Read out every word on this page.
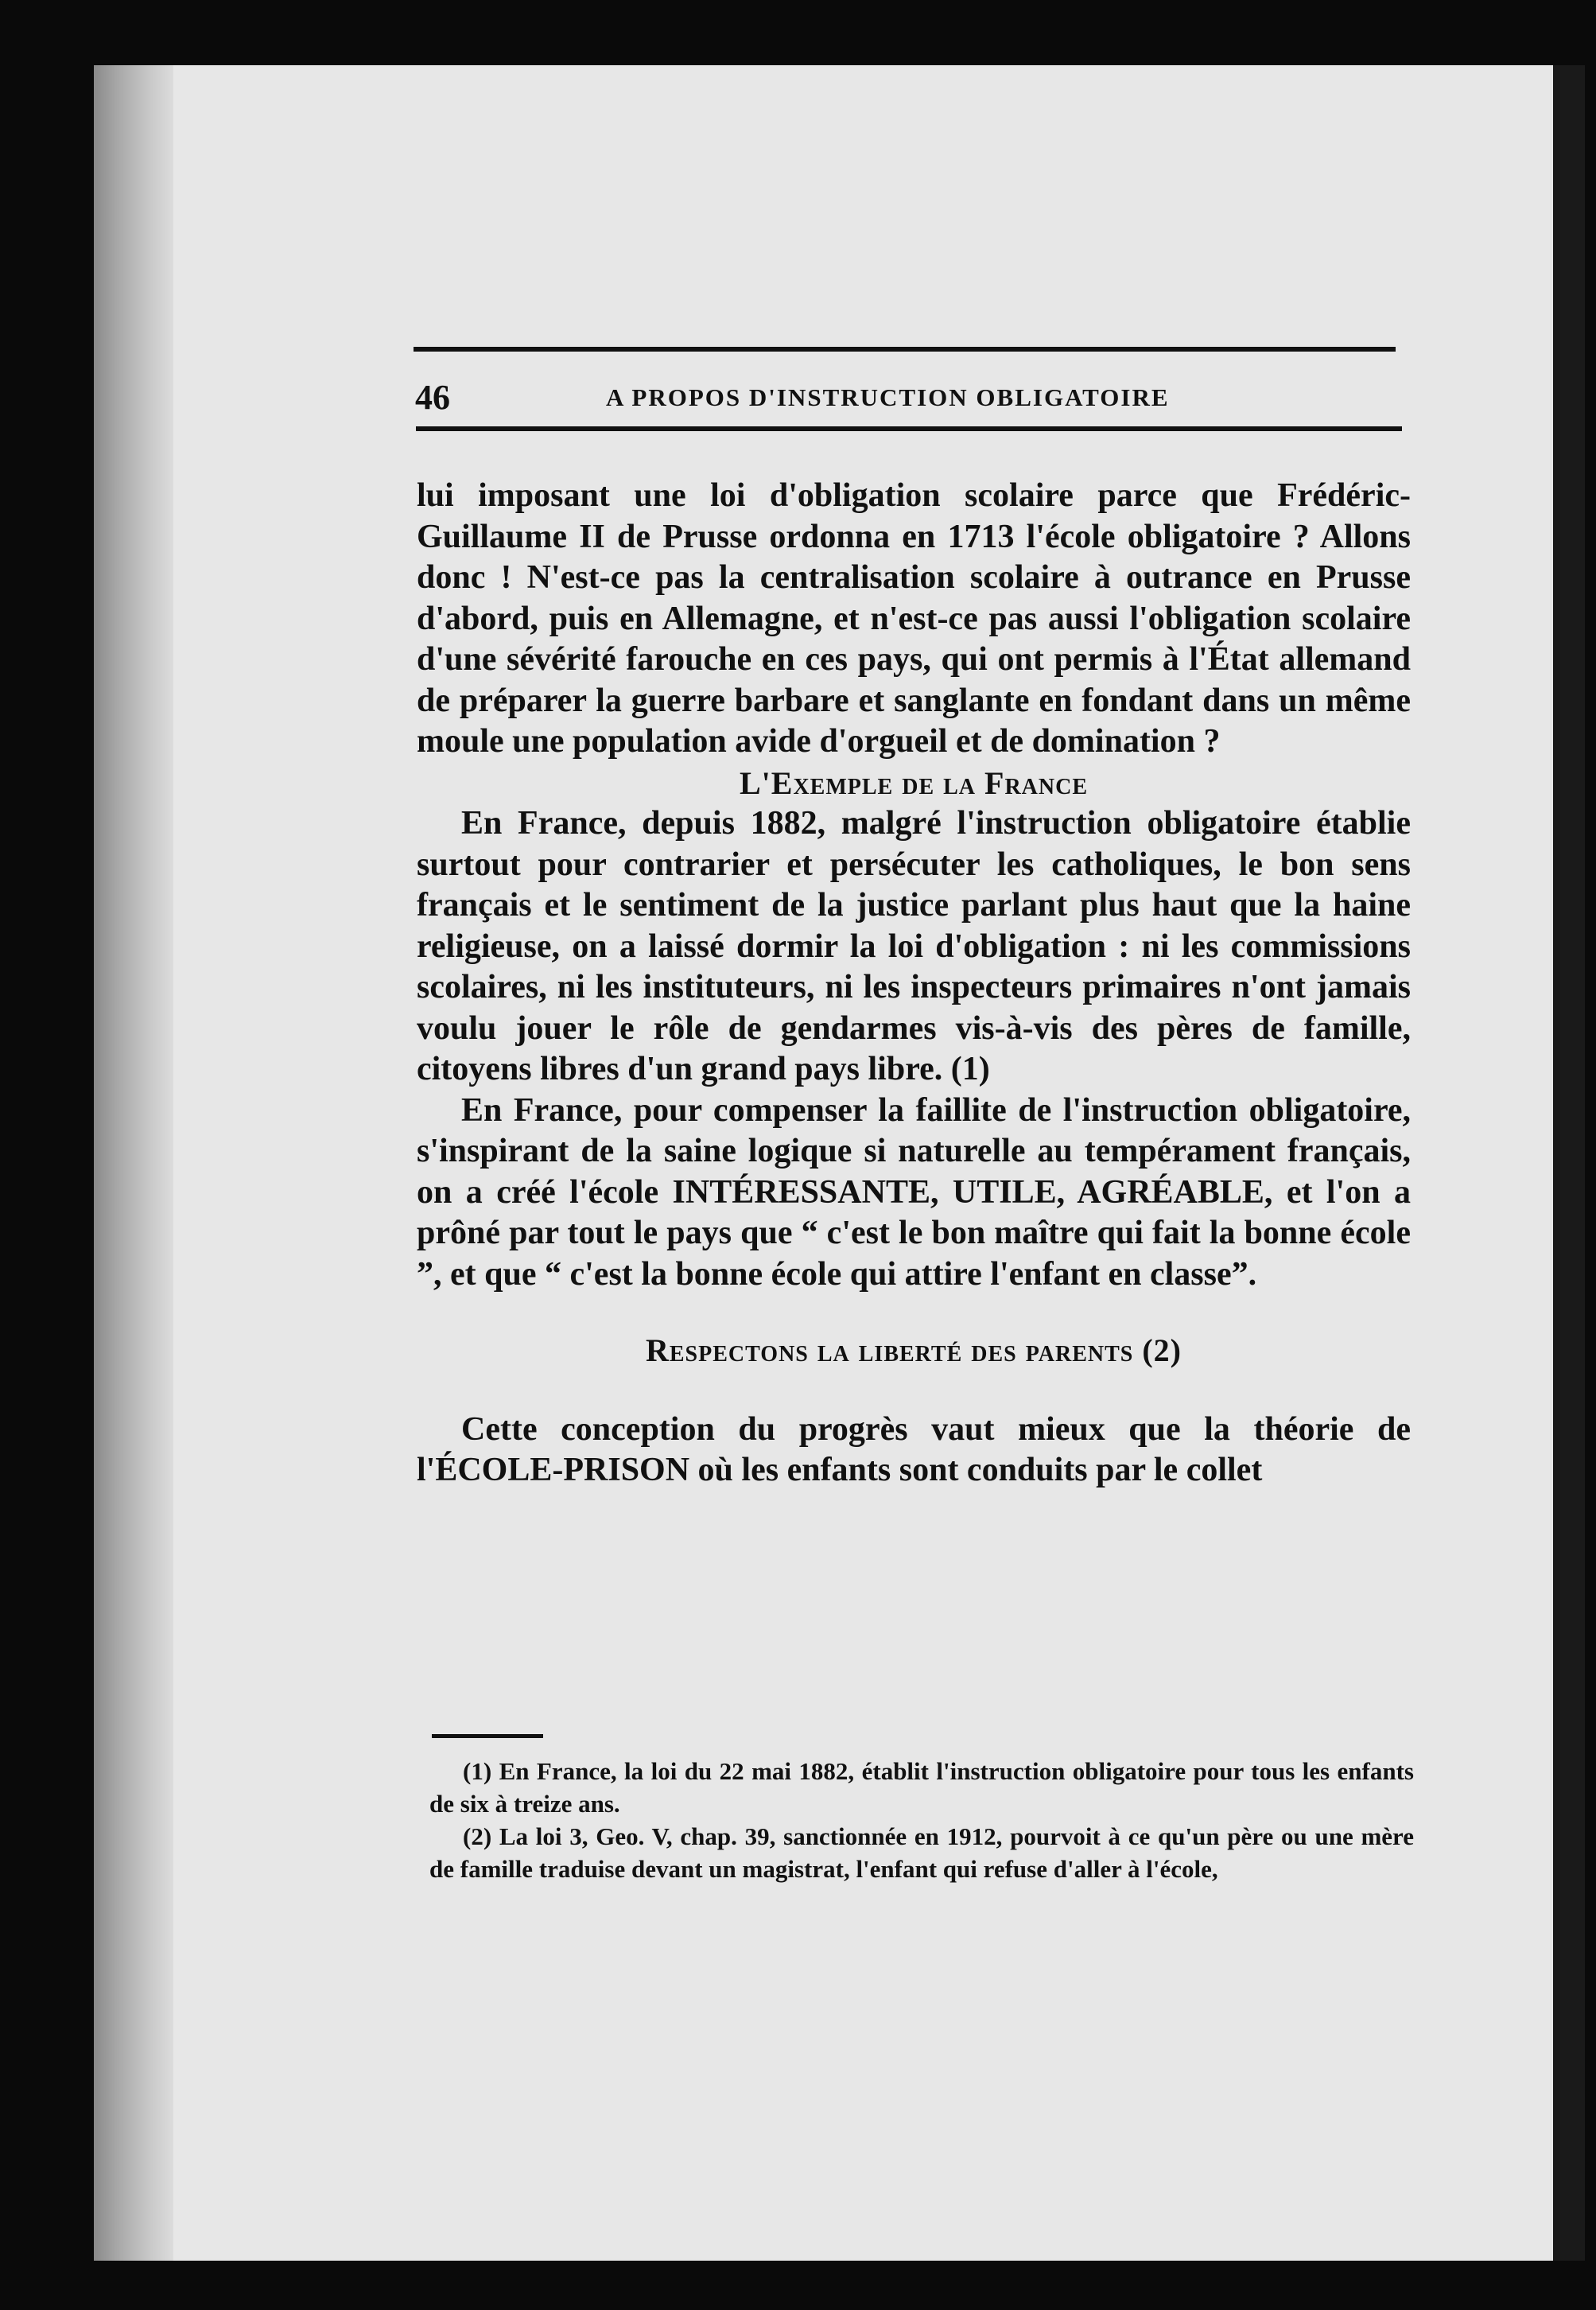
46	A PROPOS D'INSTRUCTION OBLIGATOIRE

lui imposant une loi d'obligation scolaire parce que Frédéric-Guillaume II de Prusse ordonna en 1713 l'école obligatoire ? Allons donc ! N'est-ce pas la centralisation scolaire à outrance en Prusse d'abord, puis en Allemagne, et n'est-ce pas aussi l'obligation scolaire d'une sévérité farouche en ces pays, qui ont permis à l'État allemand de préparer la guerre barbare et sanglante en fondant dans un même moule une population avide d'orgueil et de domination ?

L'Exemple de la France

En France, depuis 1882, malgré l'instruction obligatoire établie surtout pour contrarier et persécuter les catholiques, le bon sens français et le sentiment de la justice parlant plus haut que la haine religieuse, on a laissé dormir la loi d'obligation : ni les commissions scolaires, ni les instituteurs, ni les inspecteurs primaires n'ont jamais voulu jouer le rôle de gendarmes vis-à-vis des pères de famille, citoyens libres d'un grand pays libre. (1)

En France, pour compenser la faillite de l'instruction obligatoire, s'inspirant de la saine logique si naturelle au tempérament français, on a créé l'école INTÉRESSANTE, UTILE, AGRÉABLE, et l'on a prôné par tout le pays que “ c'est le bon maître qui fait la bonne école ”, et que “ c'est la bonne école qui attire l'enfant en classe”.

Respectons la liberté des parents (2)

Cette conception du progrès vaut mieux que la théorie de l'ÉCOLE-PRISON où les enfants sont conduits par le collet

(1) En France, la loi du 22 mai 1882, établit l'instruction obligatoire pour tous les enfants de six à treize ans.

(2) La loi 3, Geo. V, chap. 39, sanctionnée en 1912, pourvoit à ce qu'un père ou une mère de famille traduise devant un magistrat, l'enfant qui refuse d'aller à l'école,
